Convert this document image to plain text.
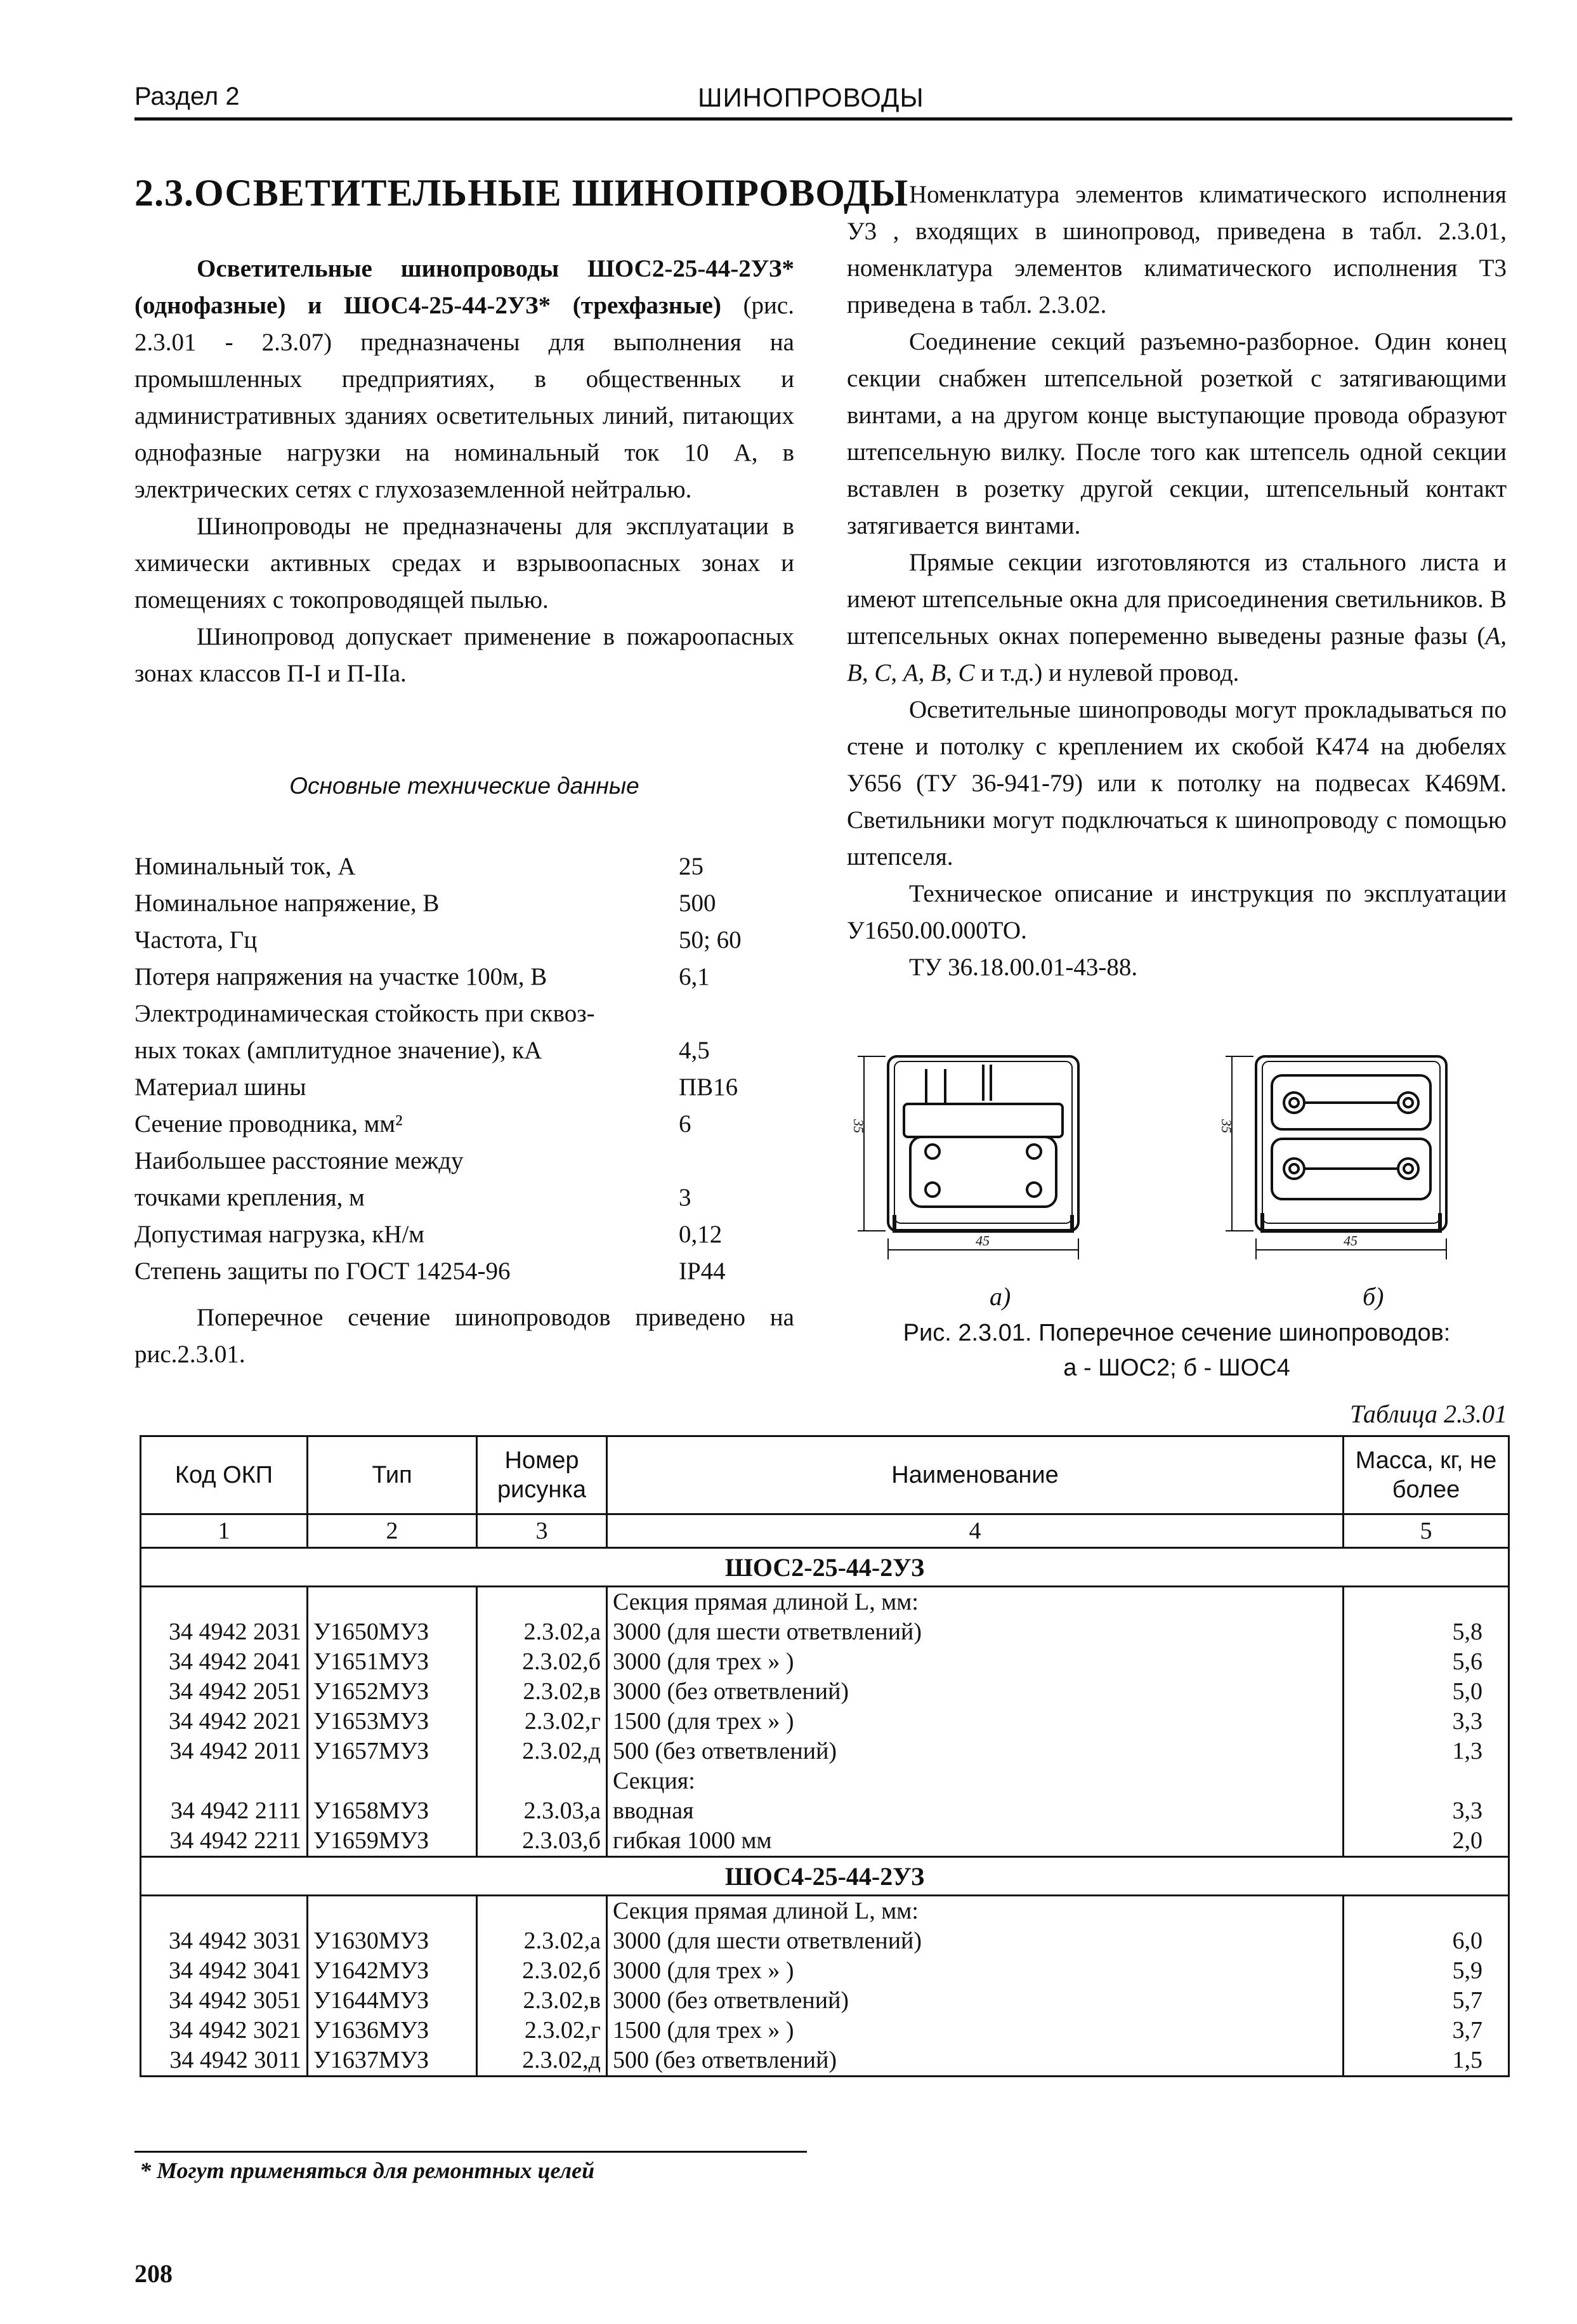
Раздел 2	ШИНОПРОВОДЫ
2.3.ОСВЕТИТЕЛЬНЫЕ ШИНОПРОВОДЫ

Осветительные шинопроводы ШОС2-25-44-2УЗ* (однофазные) и ШОС4-25-44-2УЗ* (трехфазные) (рис. 2.3.01 - 2.3.07) предназначены для выполнения на промышленных предприятиях, в общественных и административных зданиях осветительных линий, питающих однофазные нагрузки на номинальный ток 10 А, в электрических сетях с глухозаземленной нейтралью.

Шинопроводы не предназначены для эксплуатации в химически активных средах и взрывоопасных зонах и помещениях с токопроводящей пылью.

Шинопровод допускает применение в пожароопасных зонах классов П-I и П-IIа.

Основные технические данные
Номинальный ток, А	25
Номинальное напряжение, В	500
Частота, Гц	50; 60
Потеря напряжения на участке 100м, В	6,1
Электродинамическая стойкость при сквоз-
ных токах (амплитудное значение), кА	4,5
Материал шины	ПВ16
Сечение проводника, мм²	6
Наибольшее расстояние между
точками крепления, м	3
Допустимая нагрузка, кН/м	0,12
Степень защиты по ГОСТ 14254-96	IP44

Поперечное сечение шинопроводов приведено на рис.2.3.01.

Номенклатура элементов климатического исполнения У3 , входящих в шинопровод, приведена в табл. 2.3.01, номенклатура элементов климатического исполнения Т3 приведена в табл. 2.3.02.

Соединение секций разъемно-разборное. Один конец секции снабжен штепсельной розеткой с затягивающими винтами, а на другом конце выступающие провода образуют штепсельную вилку. После того как штепсель одной секции вставлен в розетку другой секции, штепсельный контакт затягивается винтами.

Прямые секции изготовляются из стального листа и имеют штепсельные окна для присоединения светильников. В штепсельных окнах попеременно выведены разные фазы (А, В, С, А, В, С и т.д.) и нулевой провод.

Осветительные шинопроводы могут прокладываться по стене и потолку с креплением их скобой К474 на дюбелях У656 (ТУ 36-941-79) или к потолку на подвесах К469М. Светильники могут подключаться к шинопроводу с помощью штепселя.

Техническое описание и инструкция по эксплуатации У1650.00.000ТО.

ТУ 36.18.00.01-43-88.

35
45
35
45
а)	б)
Рис. 2.3.01. Поперечное сечение шинопроводов:
а - ШОС2; б - ШОС4
Таблица 2.3.01
Код ОКП	Тип	Номер рисунка	Наименование	Масса, кг, не более
1	2	3	4	5
ШОС2-25-44-2УЗ				
			Секция прямая длиной L, мм:	
34 4942 2031	У1650МУЗ	2.3.02,а	3000 (для шести ответвлений)	5,8
34 4942 2041	У1651МУЗ	2.3.02,б	3000 (для трех » )	5,6
34 4942 2051	У1652МУЗ	2.3.02,в	3000 (без ответвлений)	5,0
34 4942 2021	У1653МУЗ	2.3.02,г	1500 (для трех » )	3,3
34 4942 2011	У1657МУЗ	2.3.02,д	500 (без ответвлений)	1,3
			Секция:	
34 4942 2111	У1658МУЗ	2.3.03,а	вводная	3,3
34 4942 2211	У1659МУЗ	2.3.03,б	гибкая 1000 мм	2,0
ШОС4-25-44-2УЗ				
			Секция прямая длиной L, мм:	
34 4942 3031	У1630МУЗ	2.3.02,а	3000 (для шести ответвлений)	6,0
34 4942 3041	У1642МУЗ	2.3.02,б	3000 (для трех » )	5,9
34 4942 3051	У1644МУЗ	2.3.02,в	3000 (без ответвлений)	5,7
34 4942 3021	У1636МУЗ	2.3.02,г	1500 (для трех » )	3,7
34 4942 3011	У1637МУЗ	2.3.02,д	500 (без ответвлений)	1,5
* Могут применяться для ремонтных целей
208
